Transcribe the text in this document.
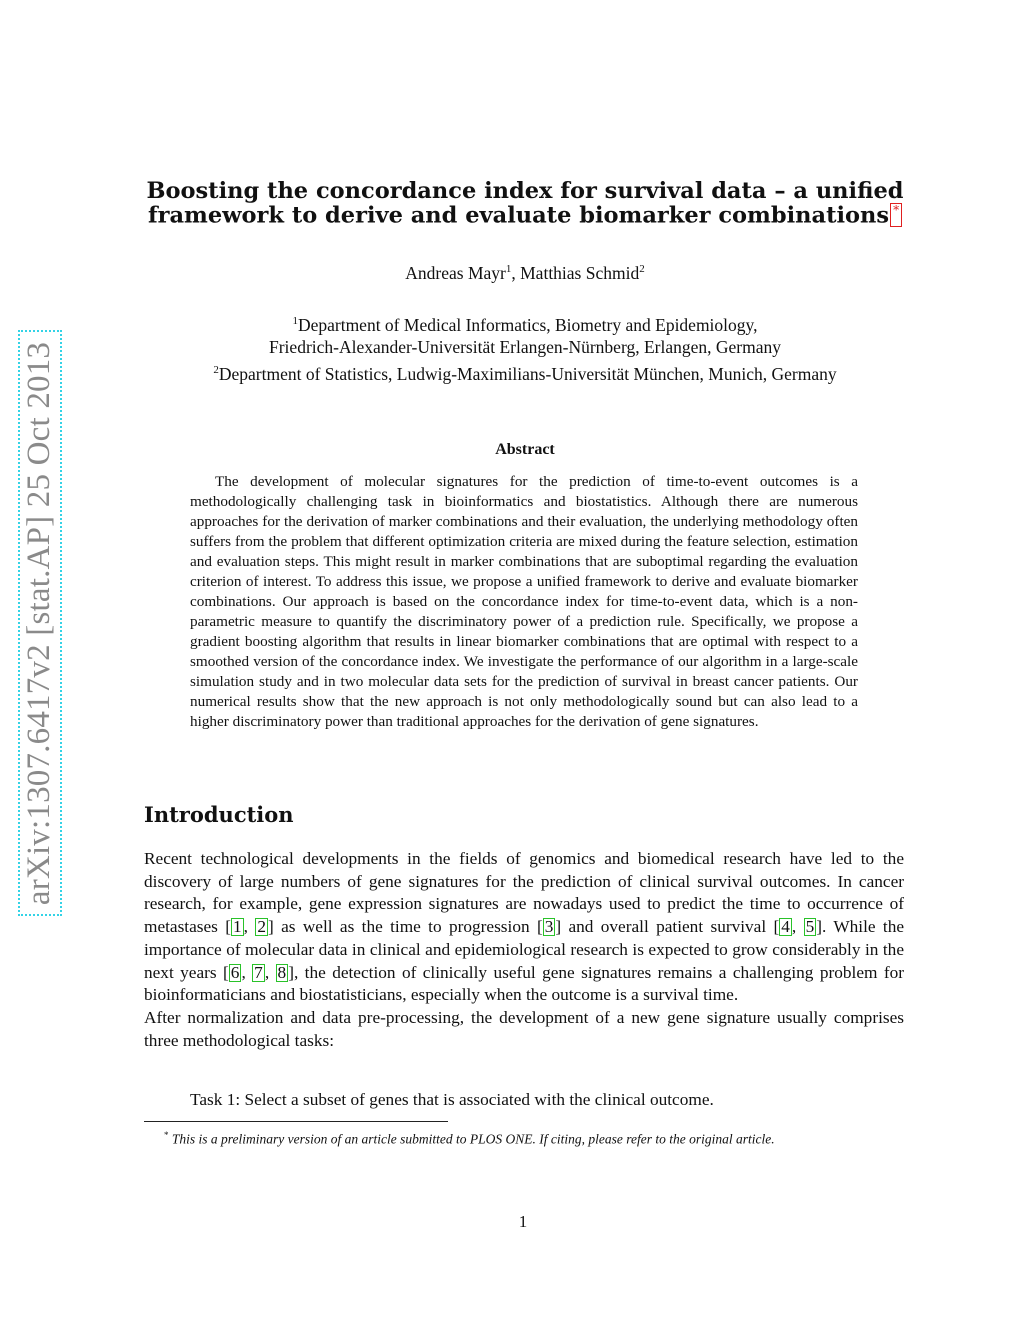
arXiv:1307.6417v2 [stat.AP] 25 Oct 2013
Boosting the concordance index for survival data – a unified
framework to derive and evaluate biomarker combinations *
Andreas Mayr$^1$, Matthias Schmid$^2$
$^1$Department of Medical Informatics, Biometry and Epidemiology,
Friedrich-Alexander-Universität Erlangen-Nürnberg, Erlangen, Germany
$^2$Department of Statistics, Ludwig-Maximilians-Universität München, Munich, Germany
Abstract

The development of molecular signatures for the prediction of time-to-event outcomes is a methodologically challenging task in bioinformatics and biostatistics. Although there are numerous approaches for the derivation of marker combinations and their evaluation, the underlying methodology often suffers from the problem that different optimization criteria are mixed during the feature selection, estimation and evaluation steps. This might result in marker combinations that are suboptimal regarding the evaluation criterion of interest. To address this issue, we propose a unified framework to derive and evaluate biomarker combinations. Our approach is based on the concordance index for time-to-event data, which is a non-parametric measure to quantify the discriminatory power of a prediction rule. Specifically, we propose a gradient boosting algorithm that results in linear biomarker combinations that are optimal with respect to a smoothed version of the concordance index. We investigate the performance of our algorithm in a large-scale simulation study and in two molecular data sets for the prediction of survival in breast cancer patients. Our numerical results show that the new approach is not only methodologically sound but can also lead to a higher discriminatory power than traditional approaches for the derivation of gene signatures.

Introduction

Recent technological developments in the fields of genomics and biomedical research have led to the discovery of large numbers of gene signatures for the prediction of clinical survival outcomes. In cancer research, for example, gene expression signatures are nowadays used to predict the time to occurrence of metastases [ 1 , 2 ] as well as the time to progression [ 3 ] and overall patient survival [ 4 , 5 ]. While the importance of molecular data in clinical and epidemiological research is expected to grow considerably in the next years [ 6 , 7 , 8 ], the detection of clinically useful gene signatures remains a challenging problem for bioinformaticians and biostatisticians, especially when the outcome is a survival time.

After normalization and data pre-processing, the development of a new gene signature usually comprises three methodological tasks:

Task 1: Select a subset of genes that is associated with the clinical outcome.
* This is a preliminary version of an article submitted to PLOS ONE. If citing, please refer to the original article.
1
